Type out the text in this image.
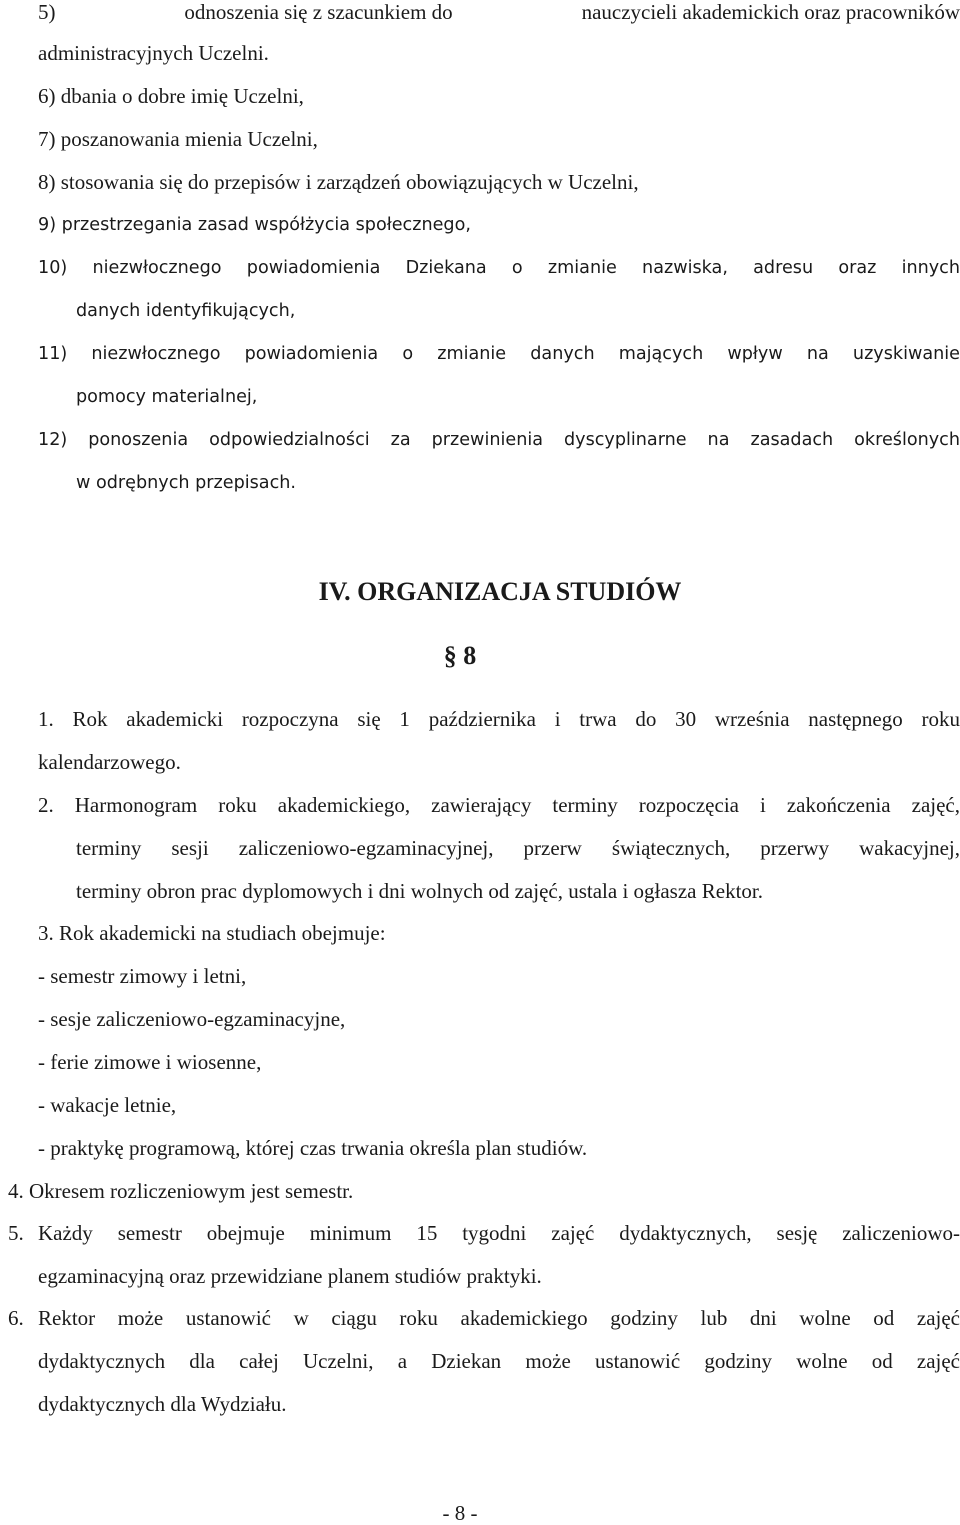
5)	odnoszenia się z szacunkiem do	nauczycieli akademickich oraz pracowników
administracyjnych Uczelni.
6) dbania o dobre imię Uczelni,
7) poszanowania mienia Uczelni,
8) stosowania się do przepisów i zarządzeń obowiązujących w Uczelni,
9) przestrzegania zasad współżycia społecznego,
10) niezwłocznego powiadomienia Dziekana o zmianie nazwiska, adresu oraz innych
danych identyfikujących,
11) niezwłocznego powiadomienia o zmianie danych mających wpływ na uzyskiwanie
pomocy materialnej,
12) ponoszenia odpowiedzialności za przewinienia dyscyplinarne na zasadach określonych
w odrębnych przepisach.
IV. ORGANIZACJA STUDIÓW
§ 8
1. Rok akademicki rozpoczyna się 1 października i trwa do 30 września następnego roku
kalendarzowego.
2. Harmonogram roku akademickiego, zawierający terminy rozpoczęcia i zakończenia zajęć,
terminy sesji zaliczeniowo-egzaminacyjnej, przerw świątecznych, przerwy wakacyjnej,
terminy obron prac dyplomowych i dni wolnych od zajęć, ustala i ogłasza Rektor.
3. Rok akademicki na studiach obejmuje:
- semestr zimowy i letni,
- sesje zaliczeniowo-egzaminacyjne,
- ferie zimowe i wiosenne,
- wakacje letnie,
- praktykę programową, której czas trwania określa plan studiów.
4. Okresem rozliczeniowym jest semestr.
5. Każdy semestr obejmuje minimum 15 tygodni zajęć dydaktycznych, sesję zaliczeniowo-
egzaminacyjną oraz przewidziane planem studiów praktyki.
6. Rektor może ustanowić w ciągu roku akademickiego godziny lub dni wolne od zajęć
dydaktycznych dla całej Uczelni, a Dziekan może ustanowić godziny wolne od zajęć
dydaktycznych dla Wydziału.
- 8 -
